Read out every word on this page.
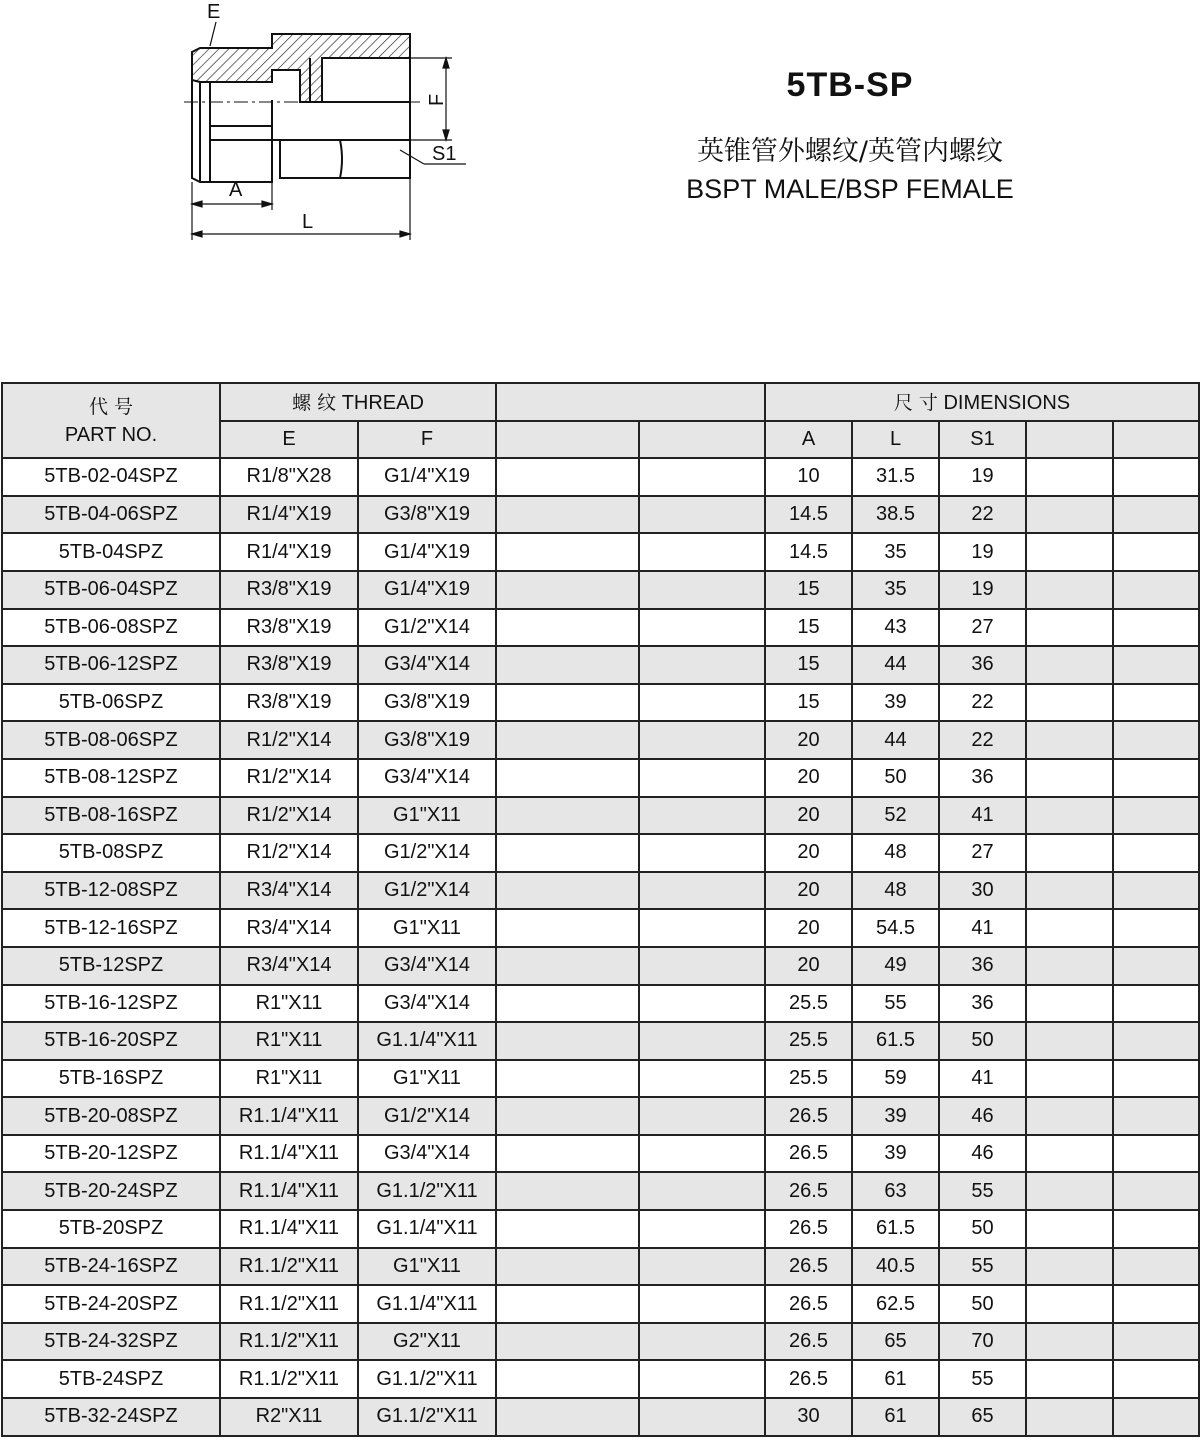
E
F
S1
A
L
5TB-SP
英锥管外螺纹/英管内螺纹
BSPT MALE/BSP FEMALE
代 号
PART NO.	螺 纹 THREAD				尺 寸 DIMENSIONS				
	E	F			A	L	S1		
5TB-02-04SPZ	R1/8"X28	G1/4"X19			10	31.5	19		
5TB-04-06SPZ	R1/4"X19	G3/8"X19			14.5	38.5	22		
5TB-04SPZ	R1/4"X19	G1/4"X19			14.5	35	19		
5TB-06-04SPZ	R3/8"X19	G1/4"X19			15	35	19		
5TB-06-08SPZ	R3/8"X19	G1/2"X14			15	43	27		
5TB-06-12SPZ	R3/8"X19	G3/4"X14			15	44	36		
5TB-06SPZ	R3/8"X19	G3/8"X19			15	39	22		
5TB-08-06SPZ	R1/2"X14	G3/8"X19			20	44	22		
5TB-08-12SPZ	R1/2"X14	G3/4"X14			20	50	36		
5TB-08-16SPZ	R1/2"X14	G1"X11			20	52	41		
5TB-08SPZ	R1/2"X14	G1/2"X14			20	48	27		
5TB-12-08SPZ	R3/4"X14	G1/2"X14			20	48	30		
5TB-12-16SPZ	R3/4"X14	G1"X11			20	54.5	41		
5TB-12SPZ	R3/4"X14	G3/4"X14			20	49	36		
5TB-16-12SPZ	R1"X11	G3/4"X14			25.5	55	36		
5TB-16-20SPZ	R1"X11	G1.1/4"X11			25.5	61.5	50		
5TB-16SPZ	R1"X11	G1"X11			25.5	59	41		
5TB-20-08SPZ	R1.1/4"X11	G1/2"X14			26.5	39	46		
5TB-20-12SPZ	R1.1/4"X11	G3/4"X14			26.5	39	46		
5TB-20-24SPZ	R1.1/4"X11	G1.1/2"X11			26.5	63	55		
5TB-20SPZ	R1.1/4"X11	G1.1/4"X11			26.5	61.5	50		
5TB-24-16SPZ	R1.1/2"X11	G1"X11			26.5	40.5	55		
5TB-24-20SPZ	R1.1/2"X11	G1.1/4"X11			26.5	62.5	50		
5TB-24-32SPZ	R1.1/2"X11	G2"X11			26.5	65	70		
5TB-24SPZ	R1.1/2"X11	G1.1/2"X11			26.5	61	55		
5TB-32-24SPZ	R2"X11	G1.1/2"X11			30	61	65		
